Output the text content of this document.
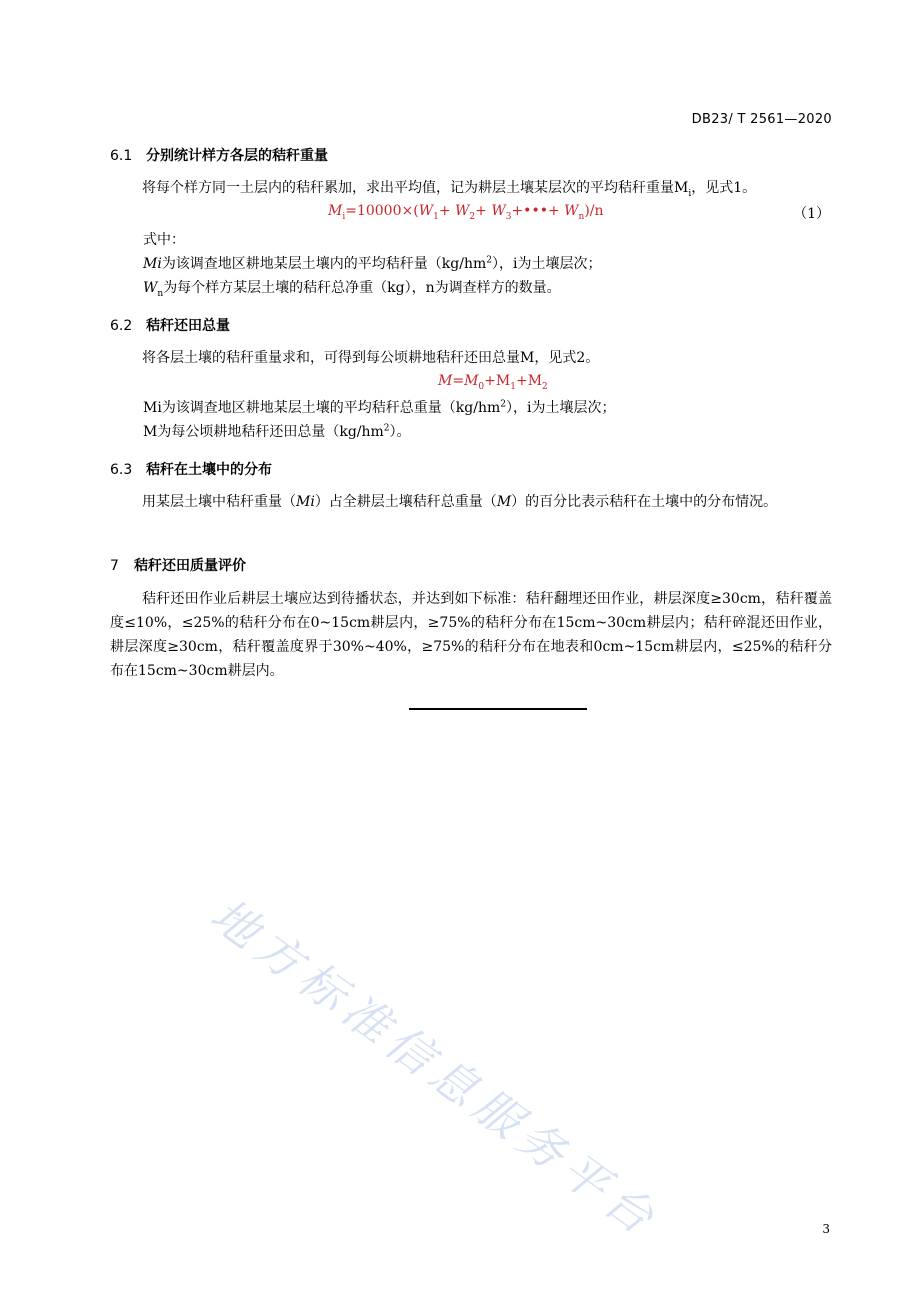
DB23/ T 2561—2020
6.1 分别统计样方各层的秸秆重量
将每个样方同一土层内的秸秆累加，求出平均值，记为耕层土壤某层次的平均秸秆重量$M_i$，见式1。
$M_i=10000\times(W_1+ W_2+$ $W_3+•••+ W_n)/n$	（1）
式中：
Mi为该调查地区耕地某层土壤内的平均秸秆量$(kg/hm^2)$，i为土壤层次；
$W_n$为每个样方某层土壤的秸秆总净重（kg），n为调查样方的数量。
6.2 秸秆还田总量
将各层土壤的秸秆重量求和，可得到每公顷耕地秸秆还田总量M，见式2。
$M=M_0+M_1+M_2$
Mi为该调查地区耕地某层土壤的平均秸秆总重量$(kg/hm^2)$，i为土壤层次；
M为每公顷耕地秸秆还田总量$(kg/hm^2)$。
6.3 秸秆在土壤中的分布
用某层土壤中秸秆重量（Mi）占全耕层土壤秸秆总重量（M）的百分比表示秸秆在土壤中的分布情况。
7 秸秆还田质量评价
秸秆还田作业后耕层土壤应达到待播状态，并达到如下标准：秸秆翻埋还田作业，耕层深度≥30cm，秸秆覆盖度≤10%，≤25%的秸秆分布在0~15cm耕层内，≥75%的秸秆分布在15cm~30cm耕层内；秸秆碎混还田作业，耕层深度≥30cm，秸秆覆盖度界于30%~40%，≥75%的秸秆分布在地表和0cm~15cm耕层内，≤25%的秸秆分布在15cm~30cm耕层内。
地方标准信息服务平台	3
